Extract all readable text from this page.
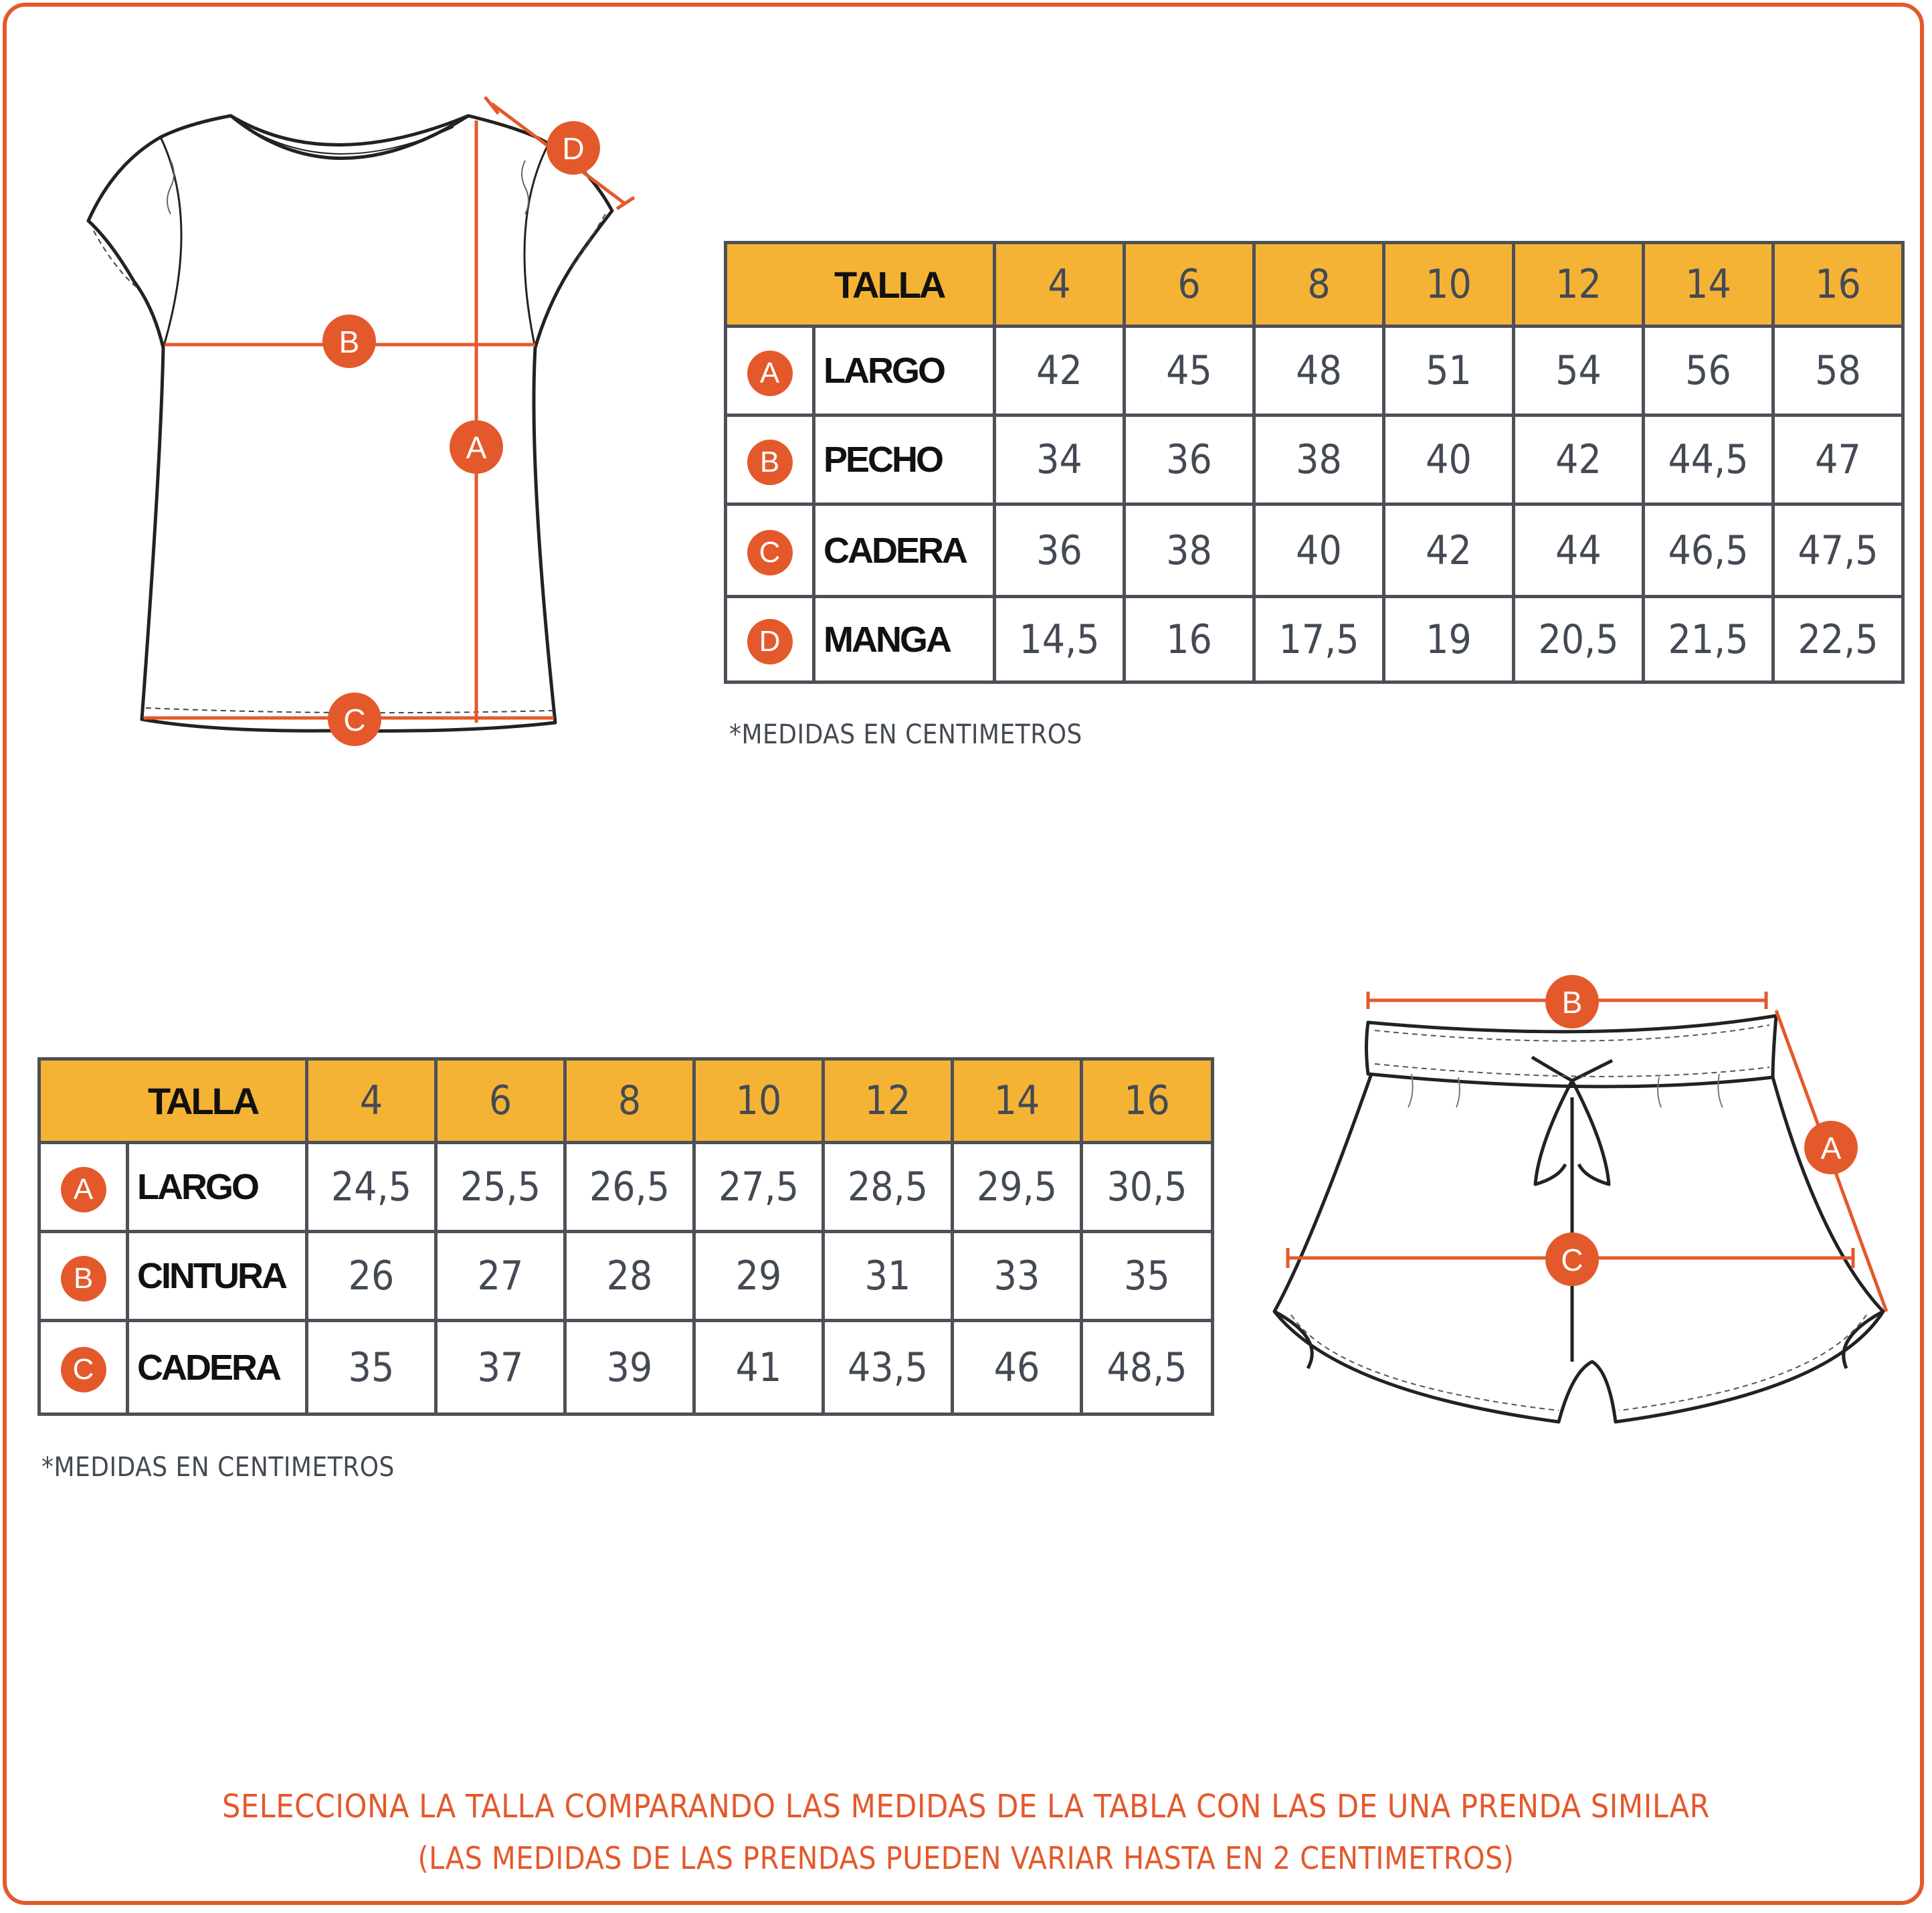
B
A
C
D
TALLA		4	6	8	10	12	14	16
A	LARGO	42	45	48	51	54	56	58
B	PECHO	34	36	38	40	42	44,5	47
C	CADERA	36	38	40	42	44	46,5	47,5
D	MANGA	14,5	16	17,5	19	20,5	21,5	22,5
*MEDIDAS EN CENTIMETROS
TALLA		4	6	8	10	12	14	16
A	LARGO	24,5	25,5	26,5	27,5	28,5	29,5	30,5
B	CINTURA	26	27	28	29	31	33	35
C	CADERA	35	37	39	41	43,5	46	48,5
*MEDIDAS EN CENTIMETROS
B
C
A
SELECCIONA LA TALLA COMPARANDO LAS MEDIDAS DE LA TABLA CON LAS DE UNA PRENDA SIMILAR
(LAS MEDIDAS DE LAS PRENDAS PUEDEN VARIAR HASTA EN 2 CENTIMETROS)
